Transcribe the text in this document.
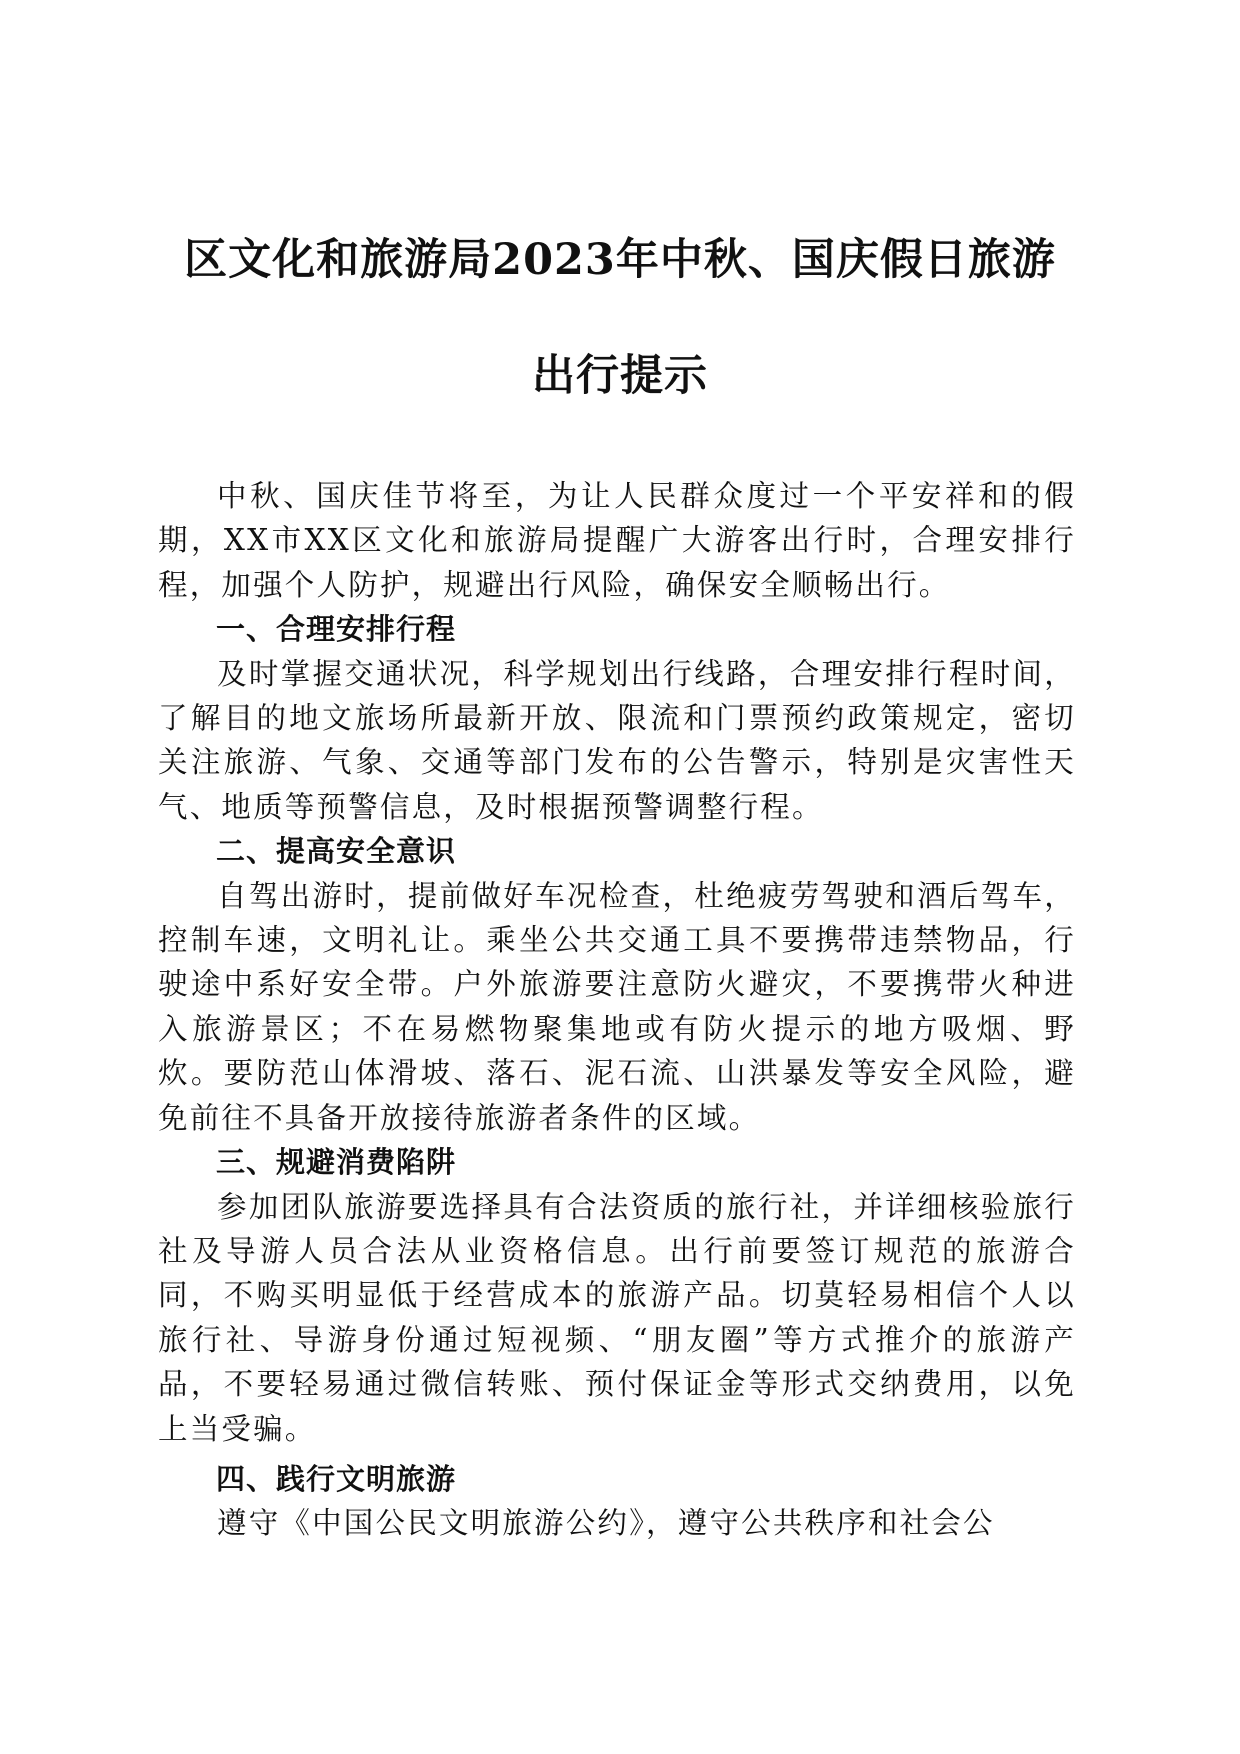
区文化和旅游局2023年中秋、国庆假日旅游
出行提示

中秋、国庆佳节将至，为让人民群众度过一个平安祥和的假期，XX市XX区文化和旅游局提醒广大游客出行时，合理安排行程，加强个人防护，规避出行风险，确保安全顺畅出行。

一、合理安排行程

及时掌握交通状况，科学规划出行线路，合理安排行程时间，了解目的地文旅场所最新开放、限流和门票预约政策规定，密切关注旅游、气象、交通等部门发布的公告警示，特别是灾害性天气、地质等预警信息，及时根据预警调整行程。

二、提高安全意识

自驾出游时，提前做好车况检查，杜绝疲劳驾驶和酒后驾车，控制车速，文明礼让。乘坐公共交通工具不要携带违禁物品，行驶途中系好安全带。户外旅游要注意防火避灾，不要携带火种进入旅游景区；不在易燃物聚集地或有防火提示的地方吸烟、野炊。要防范山体滑坡、落石、泥石流、山洪暴发等安全风险，避免前往不具备开放接待旅游者条件的区域。

三、规避消费陷阱

参加团队旅游要选择具有合法资质的旅行社，并详细核验旅行社及导游人员合法从业资格信息。出行前要签订规范的旅游合同，不购买明显低于经营成本的旅游产品。切莫轻易相信个人以旅行社、导游身份通过短视频、“朋友圈”等方式推介的旅游产品，不要轻易通过微信转账、预付保证金等形式交纳费用，以免上当受骗。

四、践行文明旅游

遵守《中国公民文明旅游公约》，遵守公共秩序和社会公
